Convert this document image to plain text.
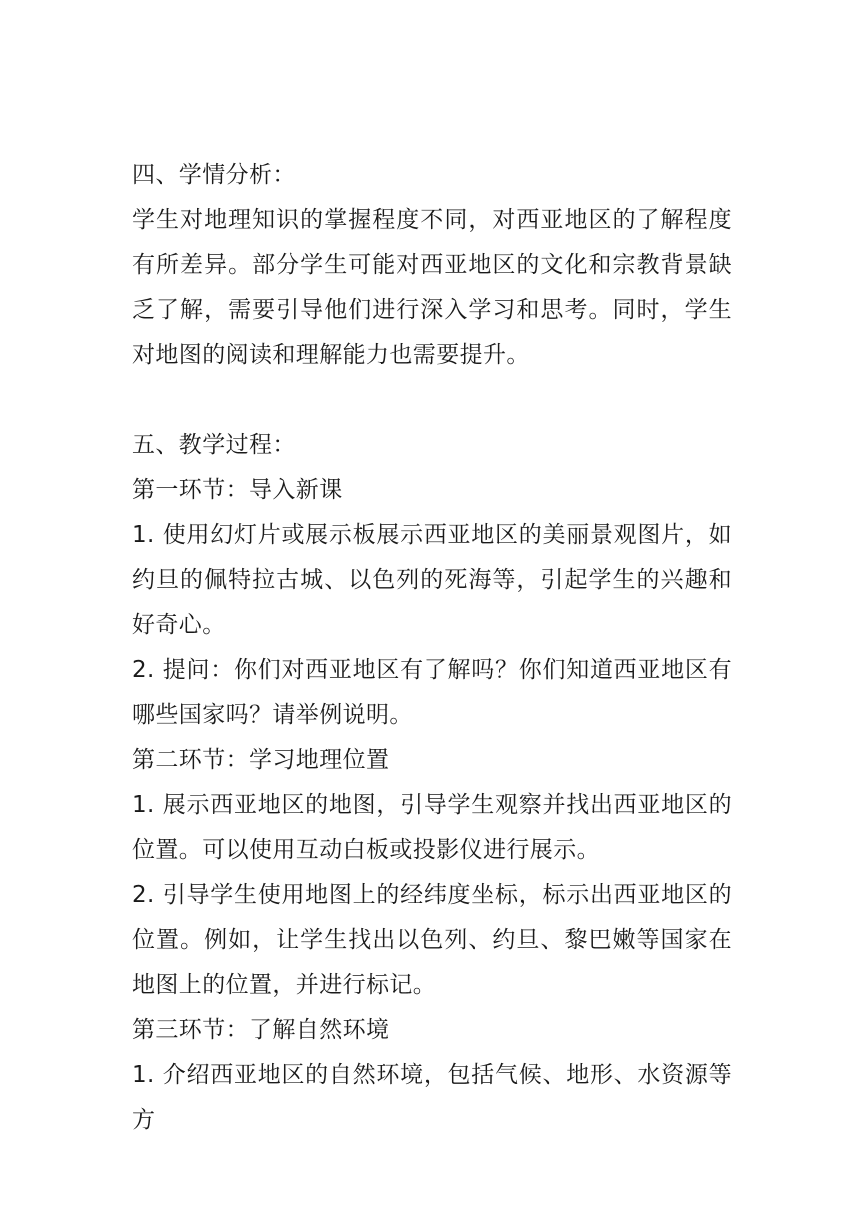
四、学情分析：

学生对地理知识的掌握程度不同，对西亚地区的了解程度有所差异。部分学生可能对西亚地区的文化和宗教背景缺乏了解，需要引导他们进行深入学习和思考。同时，学生对地图的阅读和理解能力也需要提升。

五、教学过程：

第一环节：导入新课

1. 使用幻灯片或展示板展示西亚地区的美丽景观图片，如约旦的佩特拉古城、以色列的死海等，引起学生的兴趣和好奇心。

2. 提问：你们对西亚地区有了解吗？你们知道西亚地区有哪些国家吗？请举例说明。

第二环节：学习地理位置

1. 展示西亚地区的地图，引导学生观察并找出西亚地区的位置。可以使用互动白板或投影仪进行展示。

2. 引导学生使用地图上的经纬度坐标，标示出西亚地区的位置。例如，让学生找出以色列、约旦、黎巴嫩等国家在地图上的位置，并进行标记。

第三环节：了解自然环境

1. 介绍西亚地区的自然环境，包括气候、地形、水资源等方
